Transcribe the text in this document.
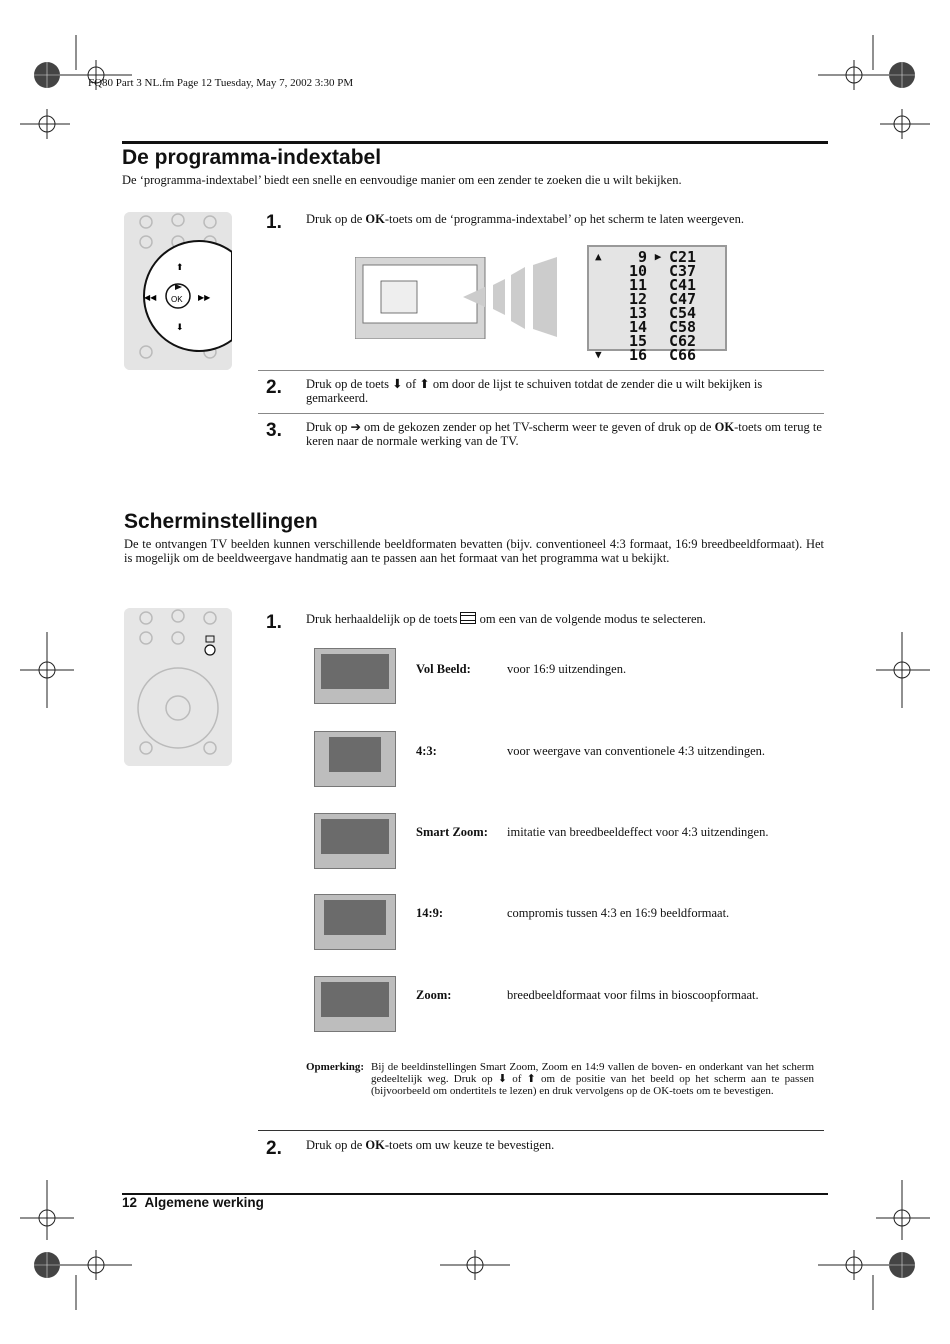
FQ80 Part 3 NL.fm Page 12 Tuesday, May 7, 2002 3:30 PM
De programma-indextabel
De ‘programma-indextabel’ biedt een snelle en eenvoudige manier om een zender te zoeken die u wilt bekijken.
OK
⬆
⬇
▶▶
◀◀
1. Druk op de OK-toets om de ‘programma-indextabel’ op het scherm te laten weergeven.
▲	9 ▶ C21
10 C37
11 C41
12 C47
13 C54
14 C58
15 C62
▼	16 C66
2. Druk op de toets ⬇ of ⬆ om door de lijst te schuiven totdat de zender die u wilt bekijken is gemarkeerd.
3. Druk op ➔ om de gekozen zender op het TV-scherm weer te geven of druk op de OK-toets om terug te keren naar de normale werking van de TV.
Scherminstellingen
De te ontvangen TV beelden kunnen verschillende beeldformaten bevatten (bijv. conventioneel 4:3 formaat, 16:9 breedbeeldformaat). Het is mogelijk om de beeldweergave handmatig aan te passen aan het formaat van het programma wat u bekijkt.
1. Druk herhaaldelijk op de toets om een van de volgende modus te selecteren.
Vol Beeld:	voor 16:9 uitzendingen.
4:3:	voor weergave van conventionele 4:3 uitzendingen.
Smart Zoom: imitatie van breedbeeldeffect voor 4:3 uitzendingen.
14:9:	compromis tussen 4:3 en 16:9 beeldformaat.
Zoom:	breedbeeldformaat voor films in bioscoopformaat.
Opmerking: Bij de beeldinstellingen Smart Zoom, Zoom en 14:9 vallen de boven- en onderkant van het scherm gedeeltelijk weg. Druk op ⬇ of ⬆ om de positie van het beeld op het scherm aan te passen (bijvoorbeeld om ondertitels te lezen) en druk vervolgens op de OK-toets om te bevestigen.
2. Druk op de OK-toets om uw keuze te bevestigen.
12 Algemene werking
